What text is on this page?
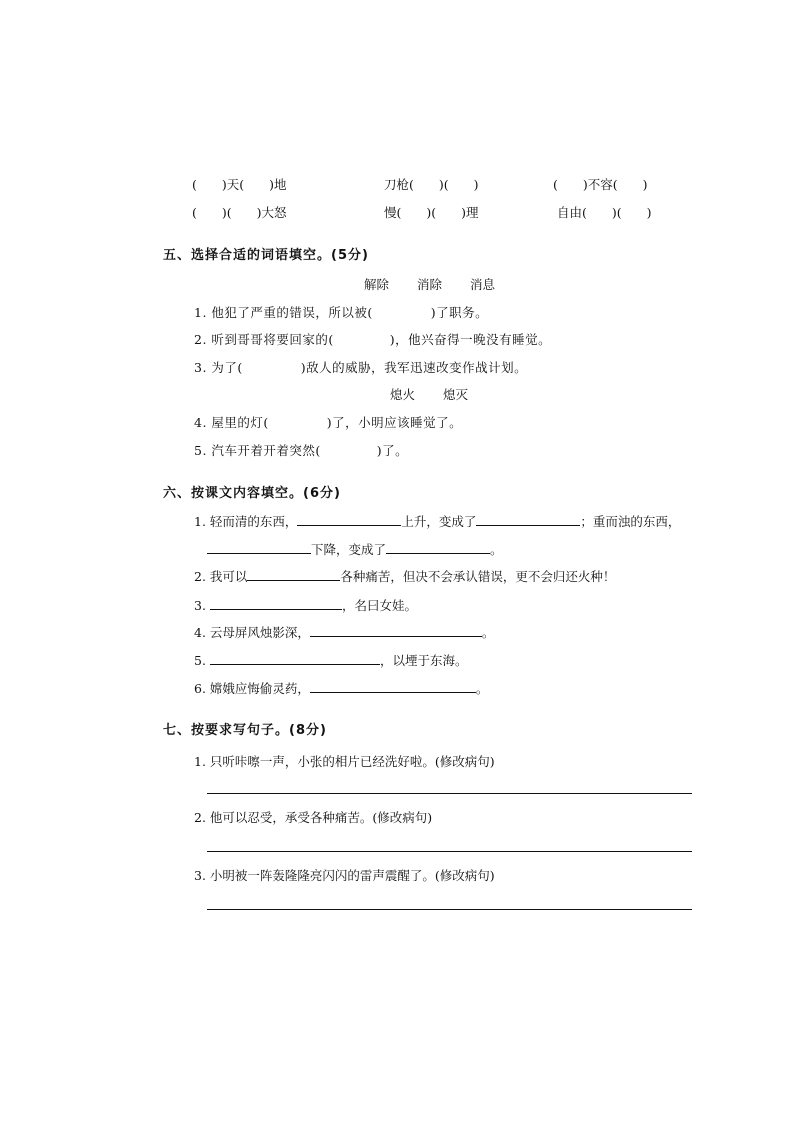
(　　)天(　　)地	刀枪(　　)(　　)	(　　)不容(　　)
(　　)(　　)大怒	慢(　　)(　　)理	自由(　　)(　　)
五、选择合适的词语填空。(5分)
解除 消除 消息
1. 他犯了严重的错误，所以被(	)了职务。
2. 听到哥哥将要回家的(	)，他兴奋得一晚没有睡觉。
3. 为了(	)敌人的威胁，我军迅速改变作战计划。
熄火 熄灭
4. 屋里的灯(	)了，小明应该睡觉了。
5. 汽车开着开着突然(	)了。
六、按课文内容填空。(6分)
1. 轻而清的东西，	上升，变成了	；重而浊的东西，
下降，变成了	。
2. 我可以	各种痛苦，但决不会承认错误，更不会归还火种！
3.	，名曰女娃。
4. 云母屏风烛影深，	。
5.	，以堙于东海。
6. 嫦娥应悔偷灵药，	。
七、按要求写句子。(8分)
1. 只听咔嚓一声，小张的相片已经洗好啦。(修改病句)
2. 他可以忍受，承受各种痛苦。(修改病句)
3. 小明被一阵轰隆隆亮闪闪的雷声震醒了。(修改病句)
